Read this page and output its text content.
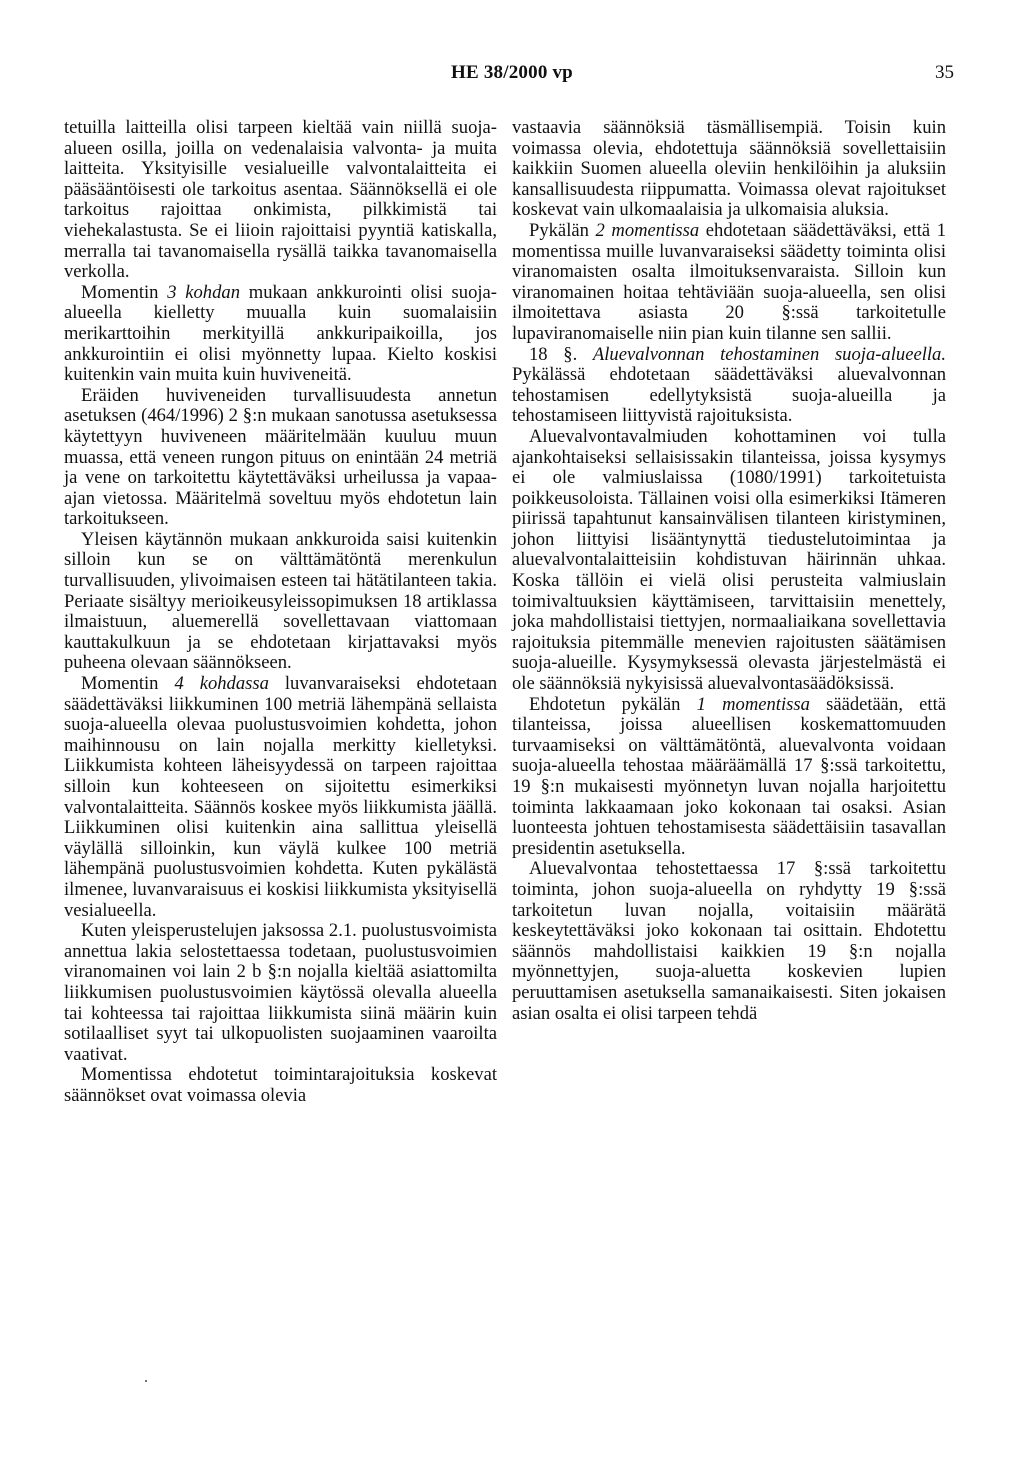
HE 38/2000 vp	35

tetuilla laitteilla olisi tarpeen kieltää vain niillä suoja-alueen osilla, joilla on vedenalaisia valvonta- ja muita laitteita. Yksityisille vesialueille valvontalaitteita ei pääsääntöisesti ole tarkoitus asentaa. Säännöksellä ei ole tarkoitus rajoittaa onkimista, pilkkimistä tai viehekalastusta. Se ei liioin rajoittaisi pyyntiä katiskalla, merralla tai tavanomaisella rysällä taikka tavanomaisella verkolla.

Momentin 3 kohdan mukaan ankkurointi olisi suoja-alueella kielletty muualla kuin suomalaisiin merikarttoihin merkityillä ankkuripaikoilla, jos ankkurointiin ei olisi myönnetty lupaa. Kielto koskisi kuitenkin vain muita kuin huviveneitä.

Eräiden huviveneiden turvallisuudesta annetun asetuksen (464/1996) 2 §:n mukaan sanotussa asetuksessa käytettyyn huviveneen määritelmään kuuluu muun muassa, että veneen rungon pituus on enintään 24 metriä ja vene on tarkoitettu käytettäväksi urheilussa ja vapaa-ajan vietossa. Määritelmä soveltuu myös ehdotetun lain tarkoitukseen.

Yleisen käytännön mukaan ankkuroida saisi kuitenkin silloin kun se on välttämätöntä merenkulun turvallisuuden, ylivoimaisen esteen tai hätätilanteen takia. Periaate sisältyy merioikeusyleissopimuksen 18 artiklassa ilmaistuun, aluemerellä sovellettavaan viattomaan kauttakulkuun ja se ehdotetaan kirjattavaksi myös puheena olevaan säännökseen.

Momentin 4 kohdassa luvanvaraiseksi ehdotetaan säädettäväksi liikkuminen 100 metriä lähempänä sellaista suoja-alueella olevaa puolustusvoimien kohdetta, johon maihinnousu on lain nojalla merkitty kielletyksi. Liikkumista kohteen läheisyydessä on tarpeen rajoittaa silloin kun kohteeseen on sijoitettu esimerkiksi valvontalaitteita. Säännös koskee myös liikkumista jäällä. Liikkuminen olisi kuitenkin aina sallittua yleisellä väylällä silloinkin, kun väylä kulkee 100 metriä lähempänä puolustusvoimien kohdetta. Kuten pykälästä ilmenee, luvanvaraisuus ei koskisi liikkumista yksityisellä vesialueella.

Kuten yleisperustelujen jaksossa 2.1. puolustusvoimista annettua lakia selostettaessa todetaan, puolustusvoimien viranomainen voi lain 2 b §:n nojalla kieltää asiattomilta liikkumisen puolustusvoimien käytössä olevalla alueella tai kohteessa tai rajoittaa liikkumista siinä määrin kuin sotilaalliset syyt tai ulkopuolisten suojaaminen vaaroilta vaativat.

Momentissa ehdotetut toimintarajoituksia koskevat säännökset ovat voimassa olevia

vastaavia säännöksiä täsmällisempiä. Toisin kuin voimassa olevia, ehdotettuja säännöksiä sovellettaisiin kaikkiin Suomen alueella oleviin henkilöihin ja aluksiin kansallisuudesta riippumatta. Voimassa olevat rajoitukset koskevat vain ulkomaalaisia ja ulkomaisia aluksia.

Pykälän 2 momentissa ehdotetaan säädettäväksi, että 1 momentissa muille luvanvaraiseksi säädetty toiminta olisi viranomaisten osalta ilmoituksenvaraista. Silloin kun viranomainen hoitaa tehtäviään suoja-alueella, sen olisi ilmoitettava asiasta 20 §:ssä tarkoitetulle lupaviranomaiselle niin pian kuin tilanne sen sallii.

18 §. Aluevalvonnan tehostaminen suoja-alueella. Pykälässä ehdotetaan säädettäväksi aluevalvonnan tehostamisen edellytyksistä suoja-alueilla ja tehostamiseen liittyvistä rajoituksista.

Aluevalvontavalmiuden kohottaminen voi tulla ajankohtaiseksi sellaisissakin tilanteissa, joissa kysymys ei ole valmiuslaissa (1080/1991) tarkoitetuista poikkeusoloista. Tällainen voisi olla esimerkiksi Itämeren piirissä tapahtunut kansainvälisen tilanteen kiristyminen, johon liittyisi lisääntynyttä tiedustelutoimintaa ja aluevalvontalaitteisiin kohdistuvan häirinnän uhkaa. Koska tällöin ei vielä olisi perusteita valmiuslain toimivaltuuksien käyttämiseen, tarvittaisiin menettely, joka mahdollistaisi tiettyjen, normaaliaikana sovellettavia rajoituksia pitemmälle menevien rajoitusten säätämisen suoja-alueille. Kysymyksessä olevasta järjestelmästä ei ole säännöksiä nykyisissä aluevalvontasäädöksissä.

Ehdotetun pykälän 1 momentissa säädetään, että tilanteissa, joissa alueellisen koskemattomuuden turvaamiseksi on välttämätöntä, aluevalvonta voidaan suoja-alueella tehostaa määräämällä 17 §:ssä tarkoitettu, 19 §:n mukaisesti myönnetyn luvan nojalla harjoitettu toiminta lakkaamaan joko kokonaan tai osaksi. Asian luonteesta johtuen tehostamisesta säädettäisiin tasavallan presidentin asetuksella.

Aluevalvontaa tehostettaessa 17 §:ssä tarkoitettu toiminta, johon suoja-alueella on ryhdytty 19 §:ssä tarkoitetun luvan nojalla, voitaisiin määrätä keskeytettäväksi joko kokonaan tai osittain. Ehdotettu säännös mahdollistaisi kaikkien 19 §:n nojalla myönnettyjen, suoja-aluetta koskevien lupien peruuttamisen asetuksella samanaikaisesti. Siten jokaisen asian osalta ei olisi tarpeen tehdä
